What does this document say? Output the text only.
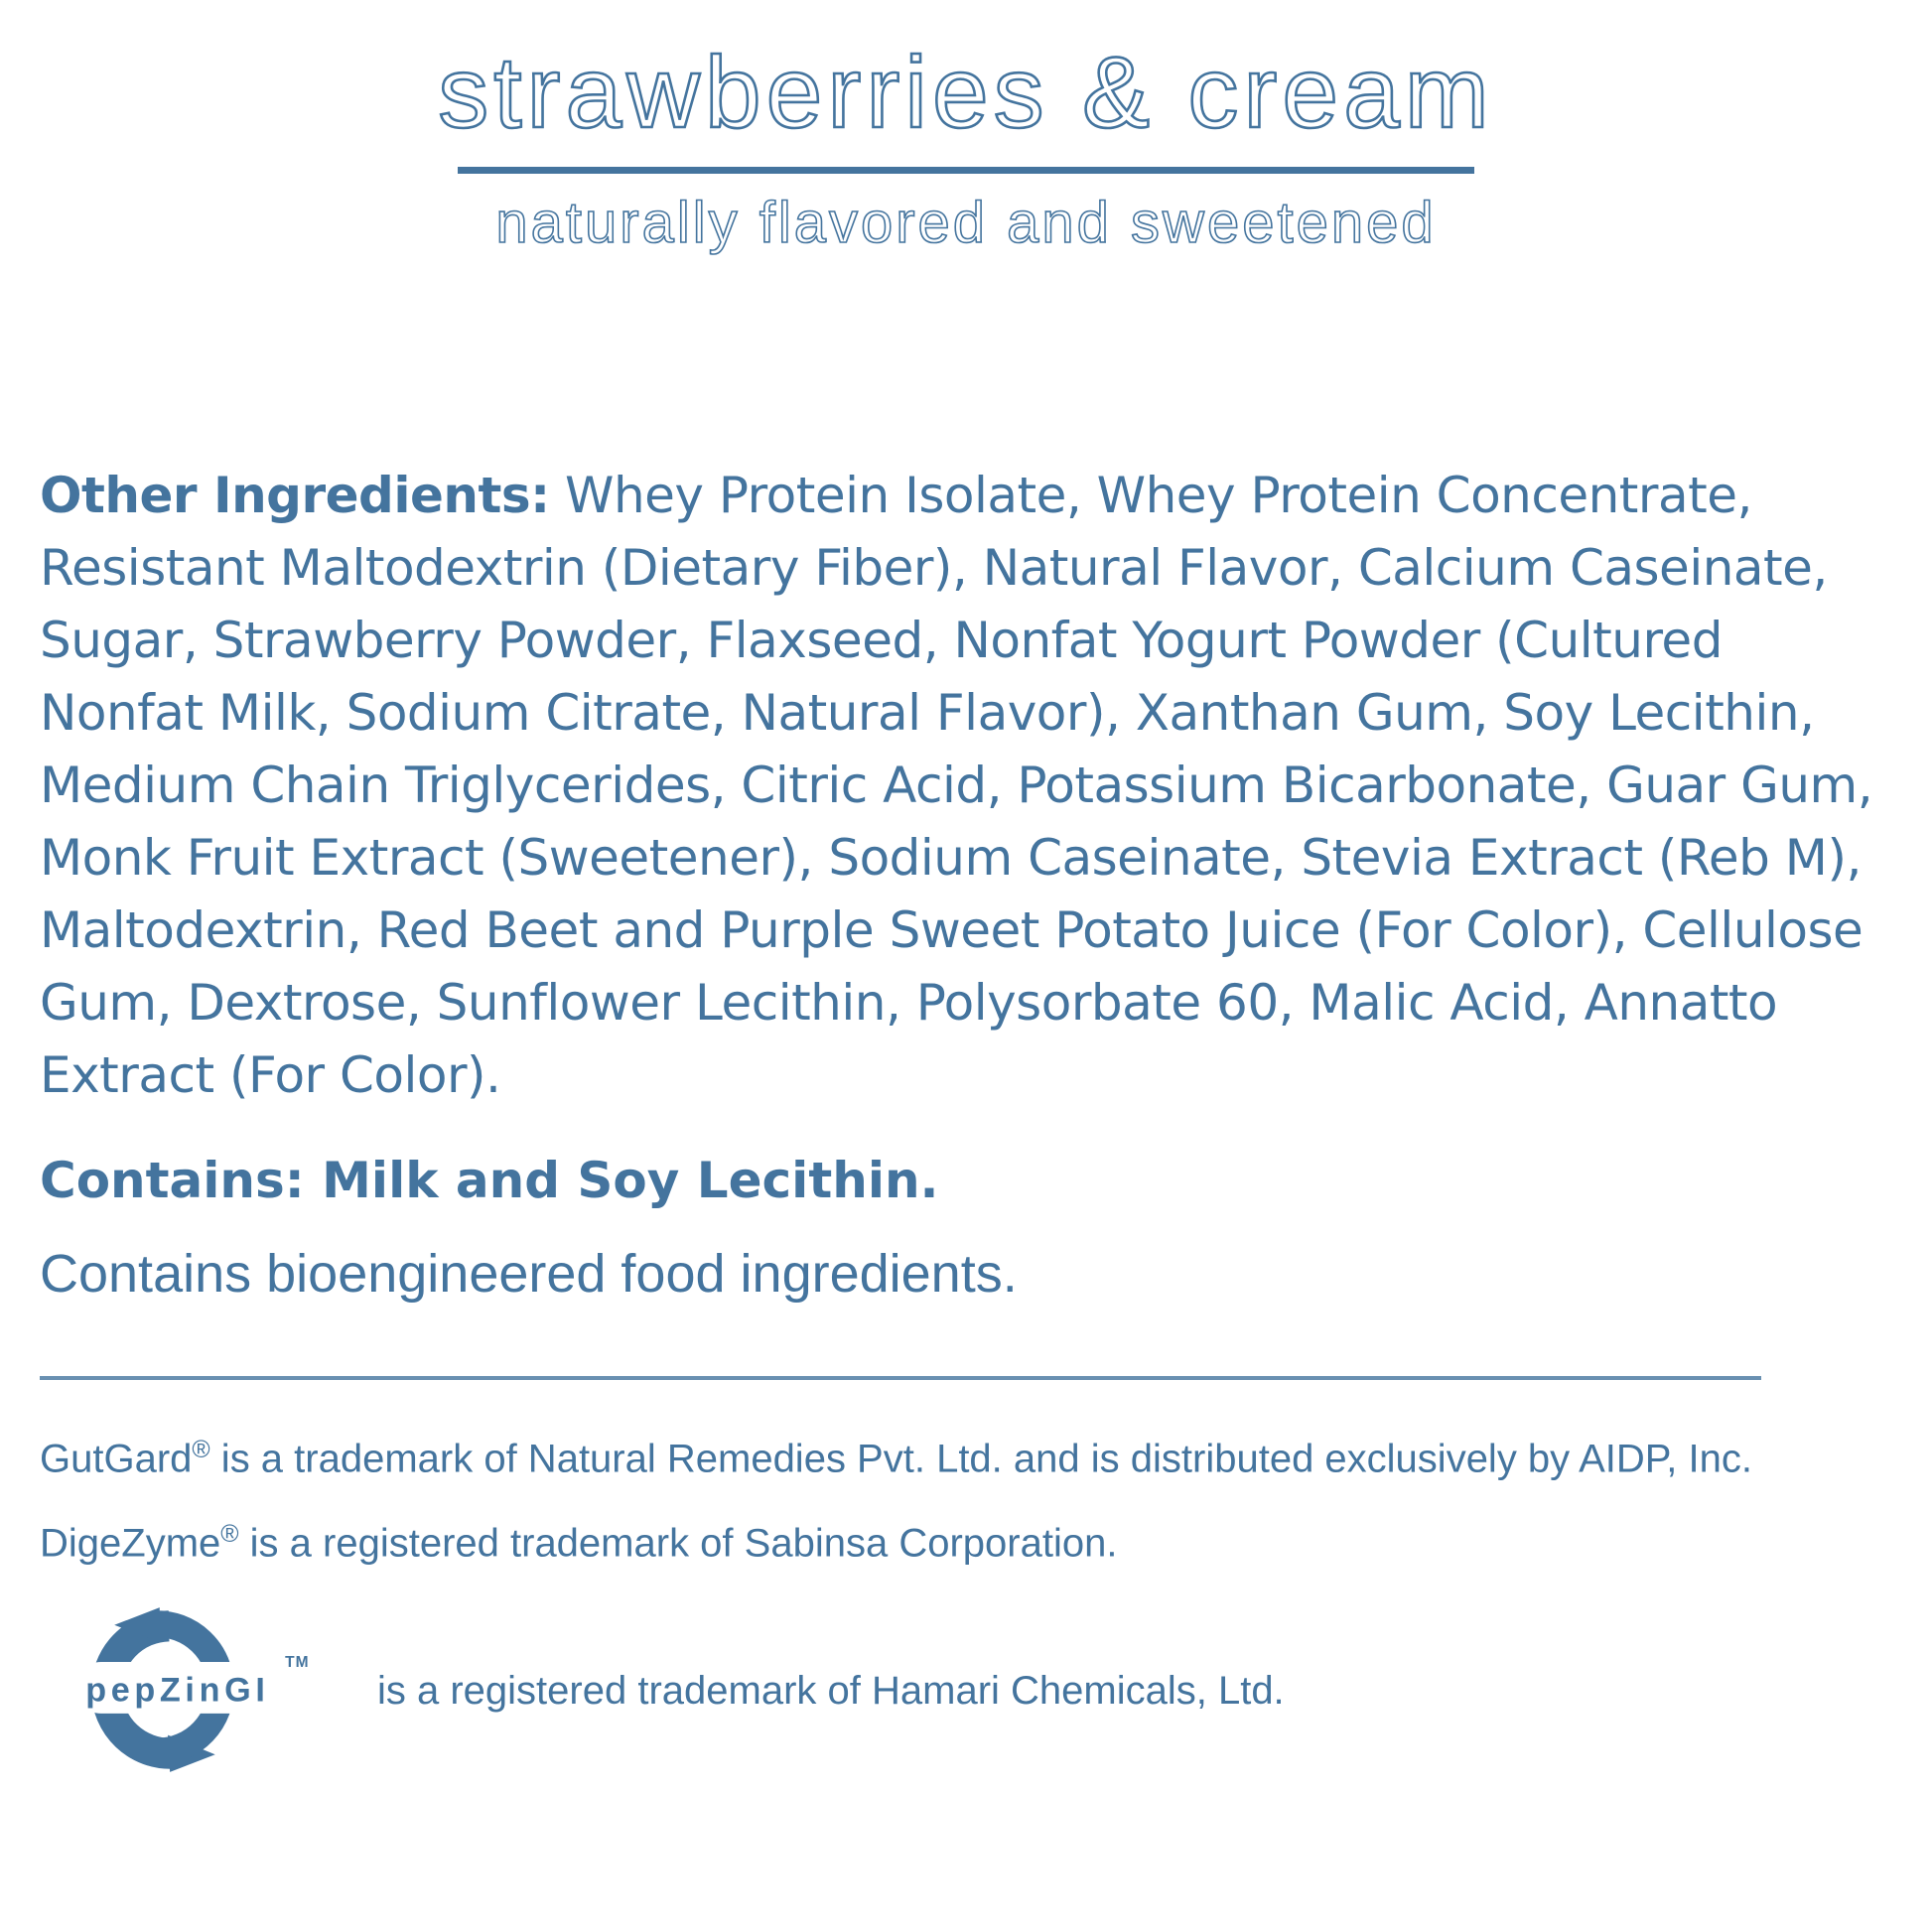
strawberries & cream
naturally flavored and sweetened

Other Ingredients: Whey Protein Isolate, Whey Protein Concentrate, Resistant Maltodextrin (Dietary Fiber), Natural Flavor, Calcium Caseinate, Sugar, Strawberry Powder, Flaxseed, Nonfat Yogurt Powder (Cultured Nonfat Milk, Sodium Citrate, Natural Flavor), Xanthan Gum, Soy Lecithin, Medium Chain Triglycerides, Citric Acid, Potassium Bicarbonate, Guar Gum, Monk Fruit Extract (Sweetener), Sodium Caseinate, Stevia Extract (Reb M), Maltodextrin, Red Beet and Purple Sweet Potato Juice (For Color), Cellulose Gum, Dextrose, Sunflower Lecithin, Polysorbate 60, Malic Acid, Annatto Extract (For Color).

Contains: Milk and Soy Lecithin.

Contains bioengineered food ingredients.

GutGard® is a trademark of Natural Remedies Pvt. Ltd. and is distributed exclusively by AIDP, Inc.

DigeZyme® is a registered trademark of Sabinsa Corporation.

pepZinGI
TM

is a registered trademark of Hamari Chemicals, Ltd.
